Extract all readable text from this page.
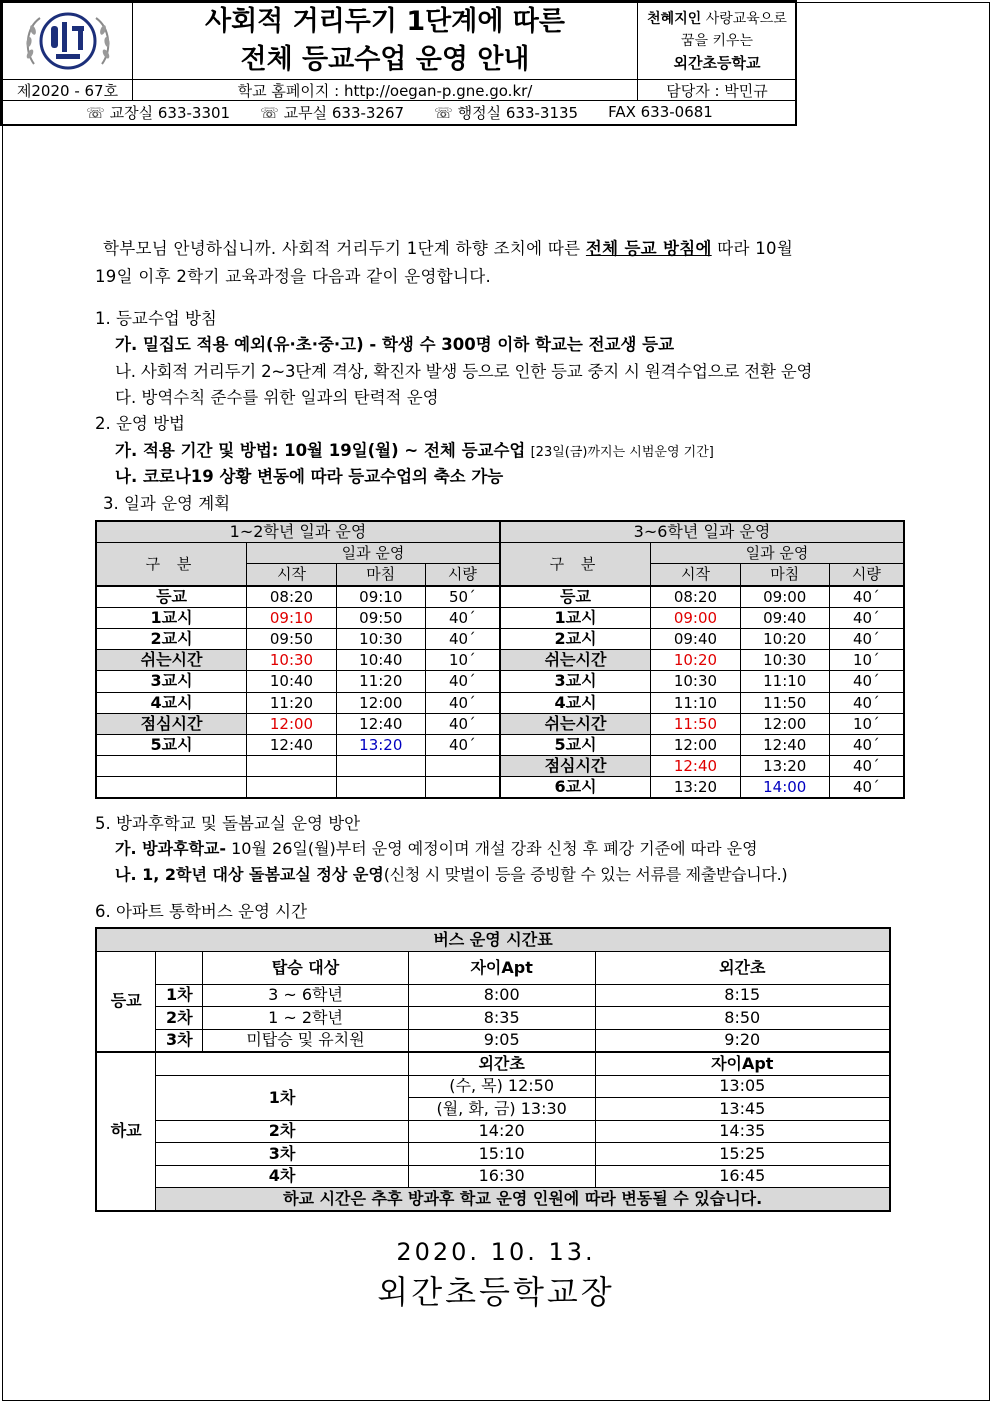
사회적 거리두기 1단계에 따른
전체 등교수업 운영 안내
천혜지인 사랑교육으로
꿈을 키우는
외간초등학교
제2020 - 67호	학교 홈페이지 : http://oegan-p.gne.go.kr/	담당자 : 박민규
☏ 교장실 633-3301 ☏ 교무실 633-3267 ☏ 행정실 633-3135 FAX 633-0681
학부모님 안녕하십니까. 사회적 거리두기 1단계 하향 조치에 따른 전체 등교 방침에 따라 10월
19일 이후 2학기 교육과정을 다음과 같이 운영합니다.
1. 등교수업 방침
가. 밀집도 적용 예외(유·초·중·고) - 학생 수 300명 이하 학교는 전교생 등교
나. 사회적 거리두기 2~3단계 격상, 확진자 발생 등으로 인한 등교 중지 시 원격수업으로 전환 운영
다. 방역수칙 준수를 위한 일과의 탄력적 운영
2. 운영 방법
가. 적용 기간 및 방법: 10월 19일(월) ~ 전체 등교수업 [23일(금)까지는 시범운영 기간]
나. 코로나19 상황 변동에 따라 등교수업의 축소 가능
3. 일과 운영 계획
1~2학년 일과 운영				3~6학년 일과 운영			
구 분	일과 운영			구 분	일과 운영		
	시작	마침	시량		시작	마침	시량
등교	08:20	09:10	50´	등교	08:20	09:00	40´
1교시	09:10	09:50	40´	1교시	09:00	09:40	40´
2교시	09:50	10:30	40´	2교시	09:40	10:20	40´
쉬는시간	10:30	10:40	10´	쉬는시간	10:20	10:30	10´
3교시	10:40	11:20	40´	3교시	10:30	11:10	40´
4교시	11:20	12:00	40´	4교시	11:10	11:50	40´
점심시간	12:00	12:40	40´	쉬는시간	11:50	12:00	10´
5교시	12:40	13:20	40´	5교시	12:00	12:40	40´
				점심시간	12:40	13:20	40´
				6교시	13:20	14:00	40´
5. 방과후학교 및 돌봄교실 운영 방안
가. 방과후학교- 10월 26일(월)부터 운영 예정이며 개설 강좌 신청 후 폐강 기준에 따라 운영
나. 1, 2학년 대상 돌봄교실 정상 운영(신청 시 맞벌이 등을 증빙할 수 있는 서류를 제출받습니다.)
6. 아파트 통학버스 운영 시간
버스 운영 시간표				
등교		탑승 대상	자이Apt	외간초
	1차	3 ~ 6학년	8:00	8:15
	2차	1 ~ 2학년	8:35	8:50
	3차	미탑승 및 유치원	9:05	9:20
하교			외간초	자이Apt
	1차		(수, 목) 12:50	13:05
			(월, 화, 금) 13:30	13:45
	2차		14:20	14:35
	3차		15:10	15:25
	4차		16:30	16:45
	하교 시간은 추후 방과후 학교 운영 인원에 따라 변동될 수 있습니다.			
2020. 10. 13.
외간초등학교장
